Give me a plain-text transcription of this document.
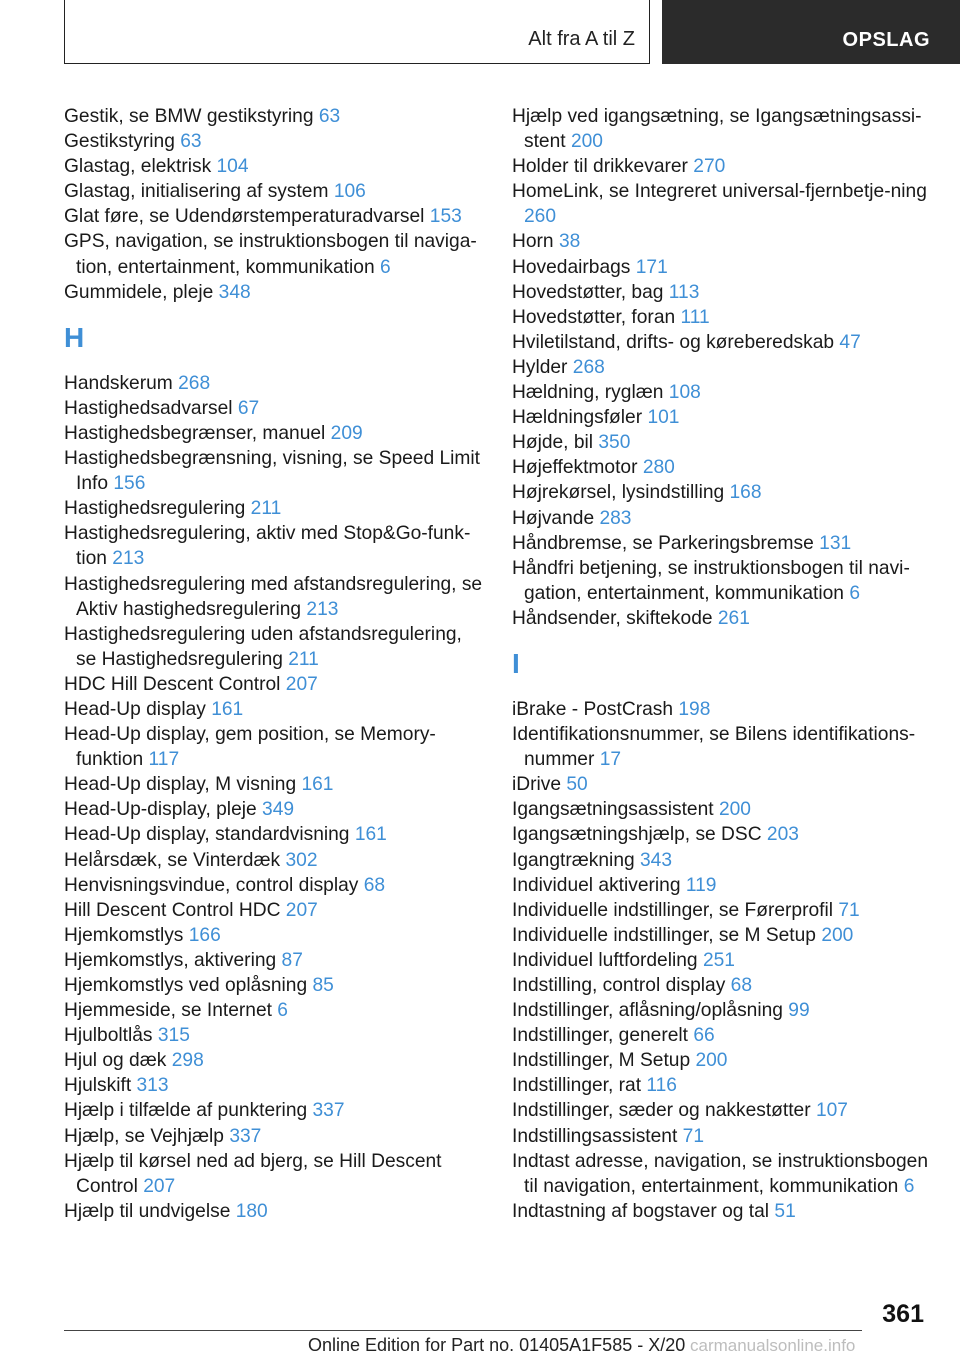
Alt fra A til Z	OPSLAG
Gestik, se BMW gestikstyring 63
Gestikstyring 63
Glastag, elektrisk 104
Glastag, initialisering af system 106
Glat føre, se Udendørstemperaturadvarsel 153
GPS, navigation, se instruktionsbogen til naviga‐tion, entertainment, kommunikation 6
Gummidele, pleje 348
H
Handskerum 268
Hastighedsadvarsel 67
Hastighedsbegrænser, manuel 209
Hastighedsbegrænsning, visning, se Speed Limit Info 156
Hastighedsregulering 211
Hastighedsregulering, aktiv med Stop&Go-funk‐tion 213
Hastighedsregulering med afstandsregulering, se Aktiv hastighedsregulering 213
Hastighedsregulering uden afstandsregulering, se Hastighedsregulering 211
HDC Hill Descent Control 207
Head-Up display 161
Head-Up display, gem position, se Memory-funktion 117
Head-Up display, M visning 161
Head-Up-display, pleje 349
Head-Up display, standardvisning 161
Helårsdæk, se Vinterdæk 302
Henvisningsvindue, control display 68
Hill Descent Control HDC 207
Hjemkomstlys 166
Hjemkomstlys, aktivering 87
Hjemkomstlys ved oplåsning 85
Hjemmeside, se Internet 6
Hjulboltlås 315
Hjul og dæk 298
Hjulskift 313
Hjælp i tilfælde af punktering 337
Hjælp, se Vejhjælp 337
Hjælp til kørsel ned ad bjerg, se Hill Descent Control 207
Hjælp til undvigelse 180
Hjælp ved igangsætning, se Igangsætningsassi‐stent 200
Holder til drikkevarer 270
HomeLink, se Integreret universal-fjernbetje‐ning 260
Horn 38
Hovedairbags 171
Hovedstøtter, bag 113
Hovedstøtter, foran 111
Hviletilstand, drifts- og køreberedskab 47
Hylder 268
Hældning, ryglæn 108
Hældningsføler 101
Højde, bil 350
Højeffektmotor 280
Højrekørsel, lysindstilling 168
Højvande 283
Håndbremse, se Parkeringsbremse 131
Håndfri betjening, se instruktionsbogen til navi‐gation, entertainment, kommunikation 6
Håndsender, skiftekode 261
I
iBrake - PostCrash 198
Identifikationsnummer, se Bilens identifikations‐nummer 17
iDrive 50
Igangsætningsassistent 200
Igangsætningshjælp, se DSC 203
Igangtrækning 343
Individuel aktivering 119
Individuelle indstillinger, se Førerprofil 71
Individuelle indstillinger, se M Setup 200
Individuel luftfordeling 251
Indstilling, control display 68
Indstillinger, aflåsning/oplåsning 99
Indstillinger, generelt 66
Indstillinger, M Setup 200
Indstillinger, rat 116
Indstillinger, sæder og nakkestøtter 107
Indstillingsassistent 71
Indtast adresse, navigation, se instruktionsbogen til navigation, entertainment, kommunikation 6
Indtastning af bogstaver og tal 51
361
Online Edition for Part no. 01405A1F585 - X/20 carmanualsonline.info
